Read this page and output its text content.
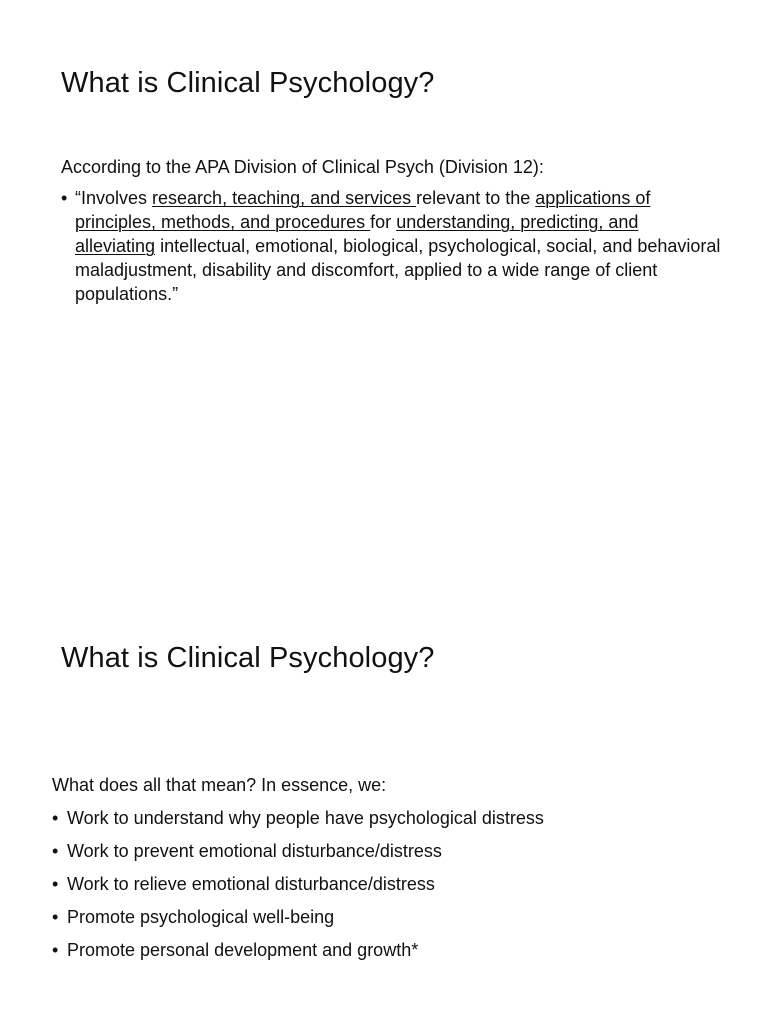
What is Clinical Psychology?

According to the APA Division of Clinical Psych (Division 12):

• “Involves research, teaching, and services relevant to the applications of principles, methods, and procedures for understanding, predicting, and alleviating intellectual, emotional, biological, psychological, social, and behavioral maladjustment, disability and discomfort, applied to a wide range of client populations.”
What is Clinical Psychology?

What does all that mean? In essence, we:

• Work to understand why people have psychological distress
• Work to prevent emotional disturbance/distress
• Work to relieve emotional disturbance/distress
• Promote psychological well-being
• Promote personal development and growth*
